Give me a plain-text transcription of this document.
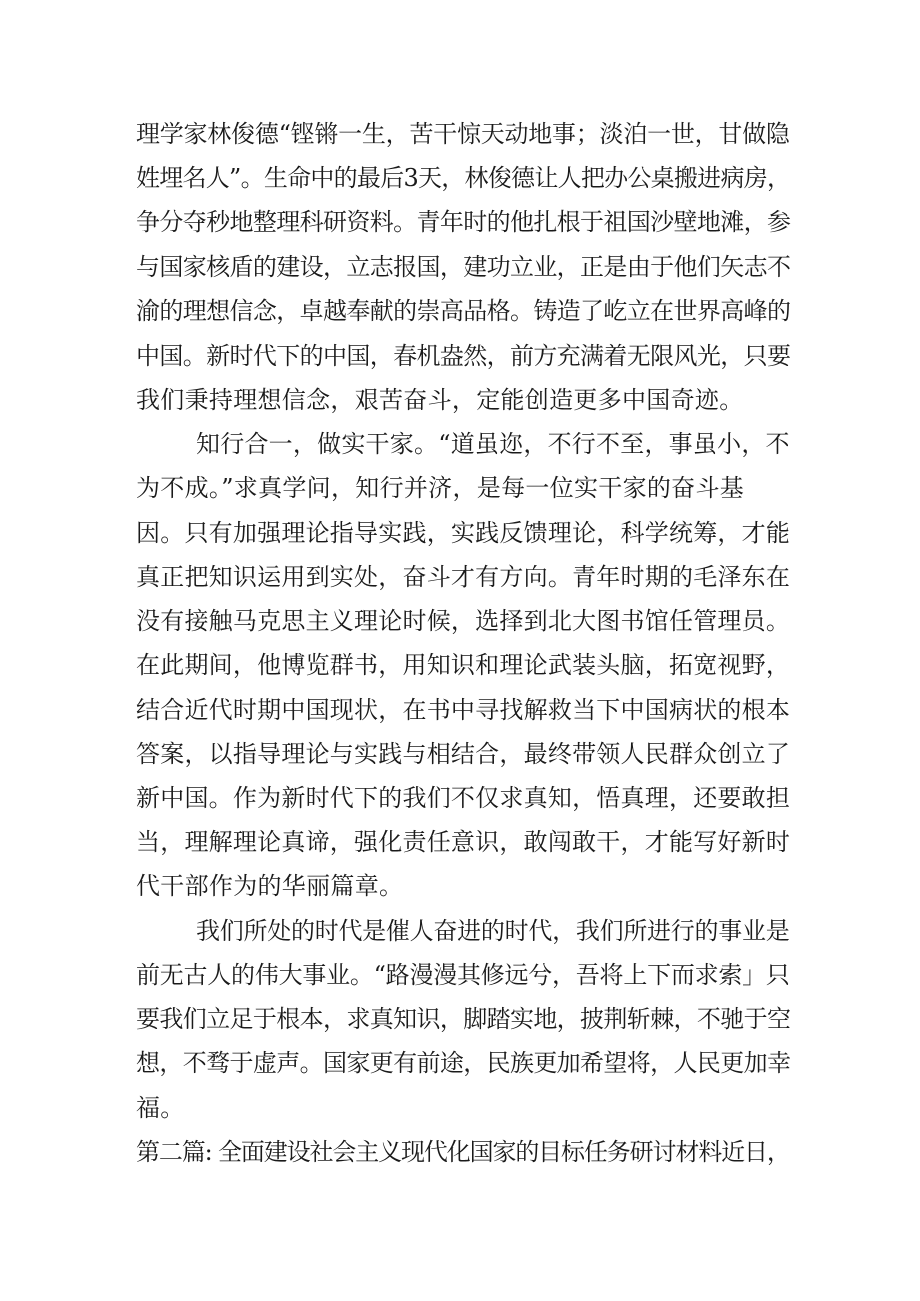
理学家林俊德“铿锵一生，苦干惊天动地事；淡泊一世，甘做隐
姓埋名人”。生命中的最后3天，林俊德让人把办公桌搬进病房，
争分夺秒地整理科研资料。青年时的他扎根于祖国沙壁地滩，参
与国家核盾的建设，立志报国，建功立业，正是由于他们矢志不
渝的理想信念，卓越奉献的崇高品格。铸造了屹立在世界高峰的
中国。新时代下的中国，春机盎然，前方充满着无限风光，只要
我们秉持理想信念，艰苦奋斗，定能创造更多中国奇迹。
知行合一，做实干家。“道虽迩，不行不至，事虽小，不
为不成。”求真学问，知行并济，是每一位实干家的奋斗基
因。只有加强理论指导实践，实践反馈理论，科学统筹，才能
真正把知识运用到实处，奋斗才有方向。青年时期的毛泽东在
没有接触马克思主义理论时候，选择到北大图书馆任管理员。
在此期间，他博览群书，用知识和理论武装头脑，拓宽视野，
结合近代时期中国现状，在书中寻找解救当下中国病状的根本
答案，以指导理论与实践与相结合，最终带领人民群众创立了
新中国。作为新时代下的我们不仅求真知，悟真理，还要敢担
当，理解理论真谛，强化责任意识，敢闯敢干，才能写好新时
代干部作为的华丽篇章。
我们所处的时代是催人奋进的时代，我们所进行的事业是
前无古人的伟大事业。“路漫漫其修远兮，吾将上下而求索」只
要我们立足于根本，求真知识，脚踏实地，披荆斩棘，不驰于空
想，不骛于虚声。国家更有前途，民族更加希望将，人民更加幸
福。
第二篇: 全面建设社会主义现代化国家的目标任务研讨材料近日，
